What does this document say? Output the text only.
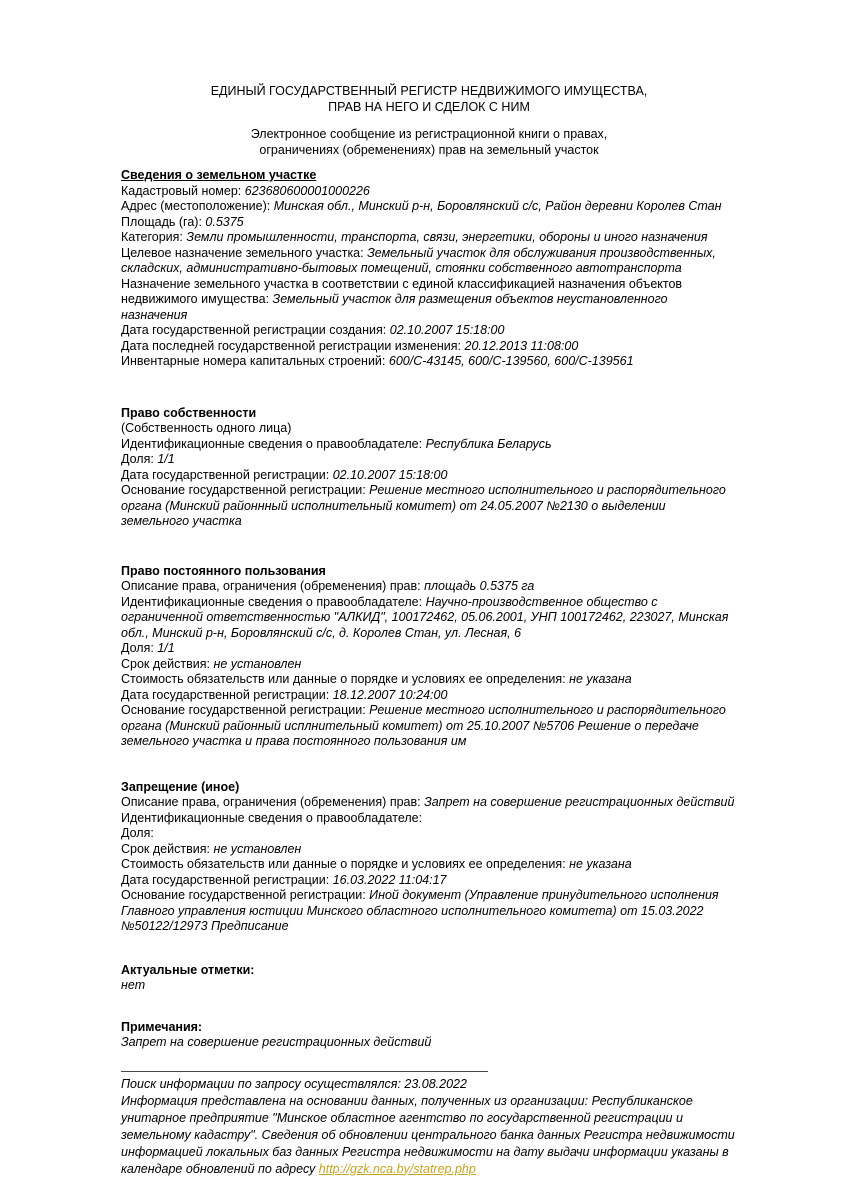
ЕДИНЫЙ ГОСУДАРСТВЕННЫЙ РЕГИСТР НЕДВИЖИМОГО ИМУЩЕСТВА,
ПРАВ НА НЕГО И СДЕЛОК С НИМ
Электронное сообщение из регистрационной книги о правах,
ограничениях (обременениях) прав на земельный участок
Сведения о земельном участке
Кадастровый номер: 623680600001000226
Адрес (местоположение): Минская обл., Минский р-н, Боровлянский с/с, Район деревни Королев Стан
Площадь (га): 0.5375
Категория: Земли промышленности, транспорта, связи, энергетики, обороны и иного назначения
Целевое назначение земельного участка: Земельный участок для обслуживания производственных, складских, административно-бытовых помещений, стоянки собственного автотранспорта
Назначение земельного участка в соответствии с единой классификацией назначения объектов недвижимого имущества: Земельный участок для размещения объектов неустановленного назначения
Дата государственной регистрации создания: 02.10.2007 15:18:00
Дата последней государственной регистрации изменения: 20.12.2013 11:08:00
Инвентарные номера капитальных строений: 600/С-43145, 600/С-139560, 600/С-139561
Право собственности
(Собственность одного лица)
Идентификационные сведения о правообладателе: Республика Беларусь
Доля: 1/1
Дата государственной регистрации: 02.10.2007 15:18:00
Основание государственной регистрации: Решение местного исполнительного и распорядительного органа (Минский районнный исполнительный комитет) от 24.05.2007 №2130 о выделении земельного участка
Право постоянного пользования
Описание права, ограничения (обременения) прав: площадь 0.5375 га
Идентификационные сведения о правообладателе: Научно-производственное общество с ограниченной ответственностью "АЛКИД", 100172462, 05.06.2001, УНП 100172462, 223027, Минская обл., Минский р-н, Боровлянский с/с, д. Королев Стан, ул. Лесная, 6
Доля: 1/1
Срок действия: не установлен
Стоимость обязательств или данные о порядке и условиях ее определения: не указана
Дата государственной регистрации: 18.12.2007 10:24:00
Основание государственной регистрации: Решение местного исполнительного и распорядительного органа (Минский районный исплнительный комитет) от 25.10.2007 №5706 Решение о передаче земельного участка и права постоянного пользования им
Запрещение (иное)
Описание права, ограничения (обременения) прав: Запрет на совершение регистрационных действий
Идентификационные сведения о правообладателе:
Доля:
Срок действия: не установлен
Стоимость обязательств или данные о порядке и условиях ее определения: не указана
Дата государственной регистрации: 16.03.2022 11:04:17
Основание государственной регистрации: Иной документ (Управление принудительного исполнения Главного управления юстиции Минского областного исполнительного комитета) от 15.03.2022 №50122/12973 Предписание
Актуальные отметки:
нет
Примечания:
Запрет на совершение регистрационных действий
Поиск информации по запросу осуществлялся: 23.08.2022
Информация представлена на основании данных, полученных из организации: Республиканское унитарное предприятие "Минское областное агентство по государственной регистрации и земельному кадастру". Сведения об обновлении центрального банка данных Регистра недвижимости информацией локальных баз данных Регистра недвижимости на дату выдачи информации указаны в календаре обновлений по адресу http://gzk.nca.by/statrep.php
